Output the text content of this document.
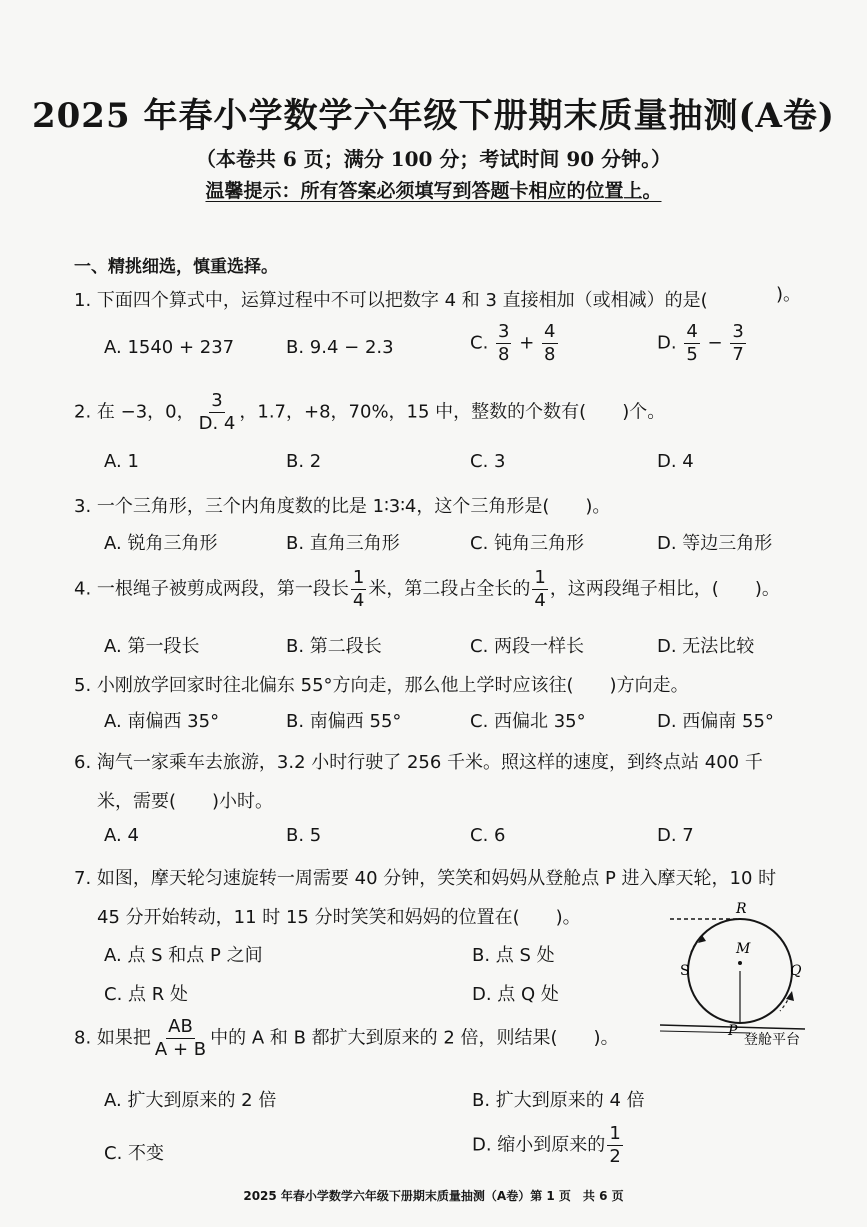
2025 年春小学数学六年级下册期末质量抽测(A卷)
（本卷共 6 页；满分 100 分；考试时间 90 分钟。）
温馨提示：所有答案必须填写到答题卡相应的位置上。
一、精挑细选，慎重选择。
1. 下面四个算式中，运算过程中不可以把数字 4 和 3 直接相加（或相减）的是(	)。
A. 1540 + 237	B. 9.4 − 2.3	C. $\frac{3}{8} + \frac{4}{8}$	D. $\frac{4}{5} - \frac{3}{7}$
2. 在 −3，0， $\frac{3}{D. 4}$ ，1.7，+8，70%，15 中，整数的个数有(　　)个。
A. 1	B. 2	C. 3	D. 4
3. 一个三角形，三个内角度数的比是 1∶3∶4，这个三角形是(　　)。
A. 锐角三角形	B. 直角三角形	C. 钝角三角形	D. 等边三角形
4. 一根绳子被剪成两段，第一段长 $\frac{1}{4}$ 米，第二段占全长的 $\frac{1}{4}$ ，这两段绳子相比，(　　)。
A. 第一段长	B. 第二段长	C. 两段一样长	D. 无法比较
5. 小刚放学回家时往北偏东 55°方向走，那么他上学时应该往(　　)方向走。
A. 南偏西 35°	B. 南偏西 55°	C. 西偏北 35°	D. 西偏南 55°
6. 淘气一家乘车去旅游，3.2 小时行驶了 256 千米。照这样的速度，到终点站 400 千
米，需要(　　)小时。
A. 4	B. 5	C. 6	D. 7
7. 如图，摩天轮匀速旋转一周需要 40 分钟，笑笑和妈妈从登舱点 P 进入摩天轮，10 时
45 分开始转动，11 时 15 分时笑笑和妈妈的位置在(　　)。
A. 点 S 和点 P 之间	B. 点 S 处
C. 点 R 处	D. 点 Q 处
R
M
S	Q
P
登舱平台
8. 如果把 $\frac{AB}{A + B}$ 中的 A 和 B 都扩大到原来的 2 倍，则结果(　　)。
A. 扩大到原来的 2 倍	B. 扩大到原来的 4 倍
C. 不变	D. 缩小到原来的 $\frac{1}{2}$
2025 年春小学数学六年级下册期末质量抽测（A卷）第 1 页　共 6 页
